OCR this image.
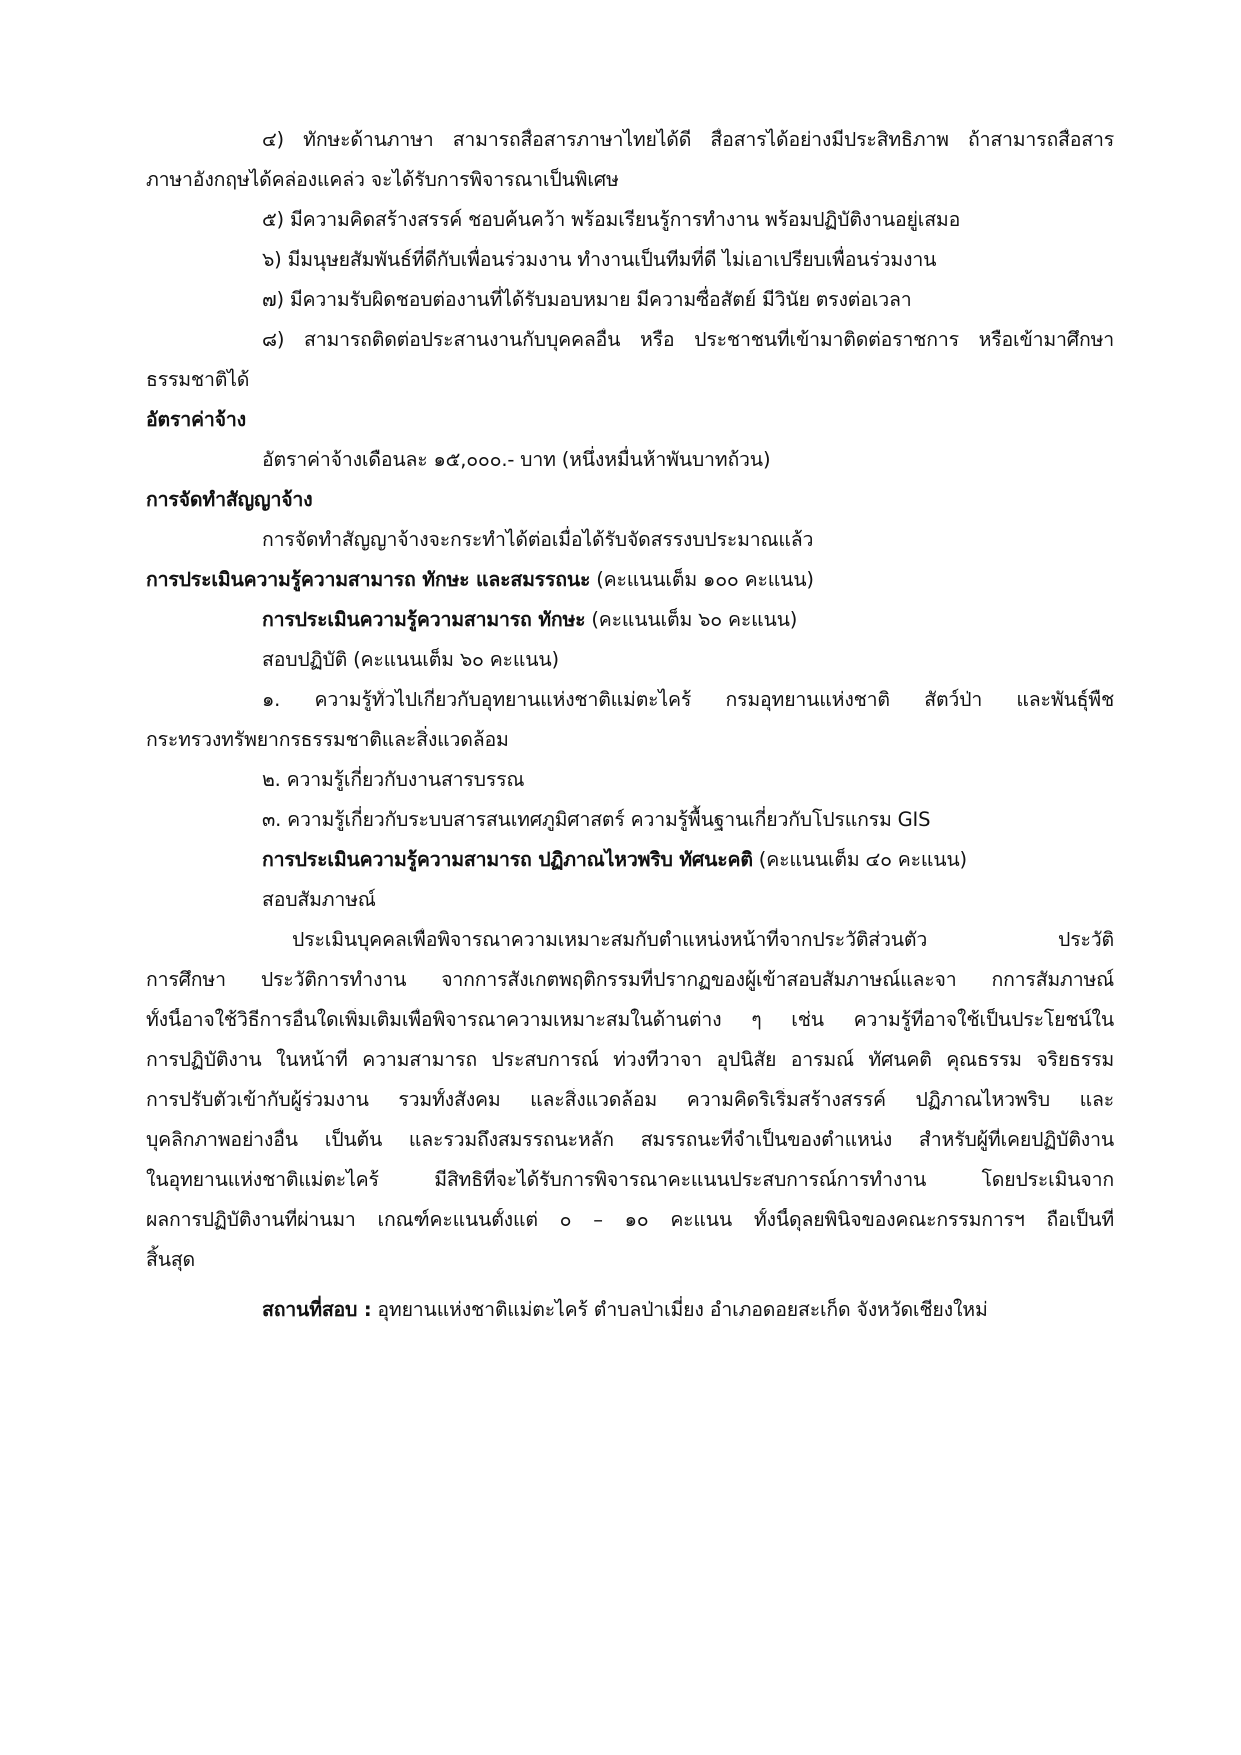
๔) ทักษะด้านภาษา สามารถสื่อสารภาษาไทยได้ดี สื่อสารได้อย่างมีประสิทธิภาพ ถ้าสามารถสื่อสาร
ภาษาอังกฤษได้คล่องแคล่ว จะได้รับการพิจารณาเป็นพิเศษ
๕) มีความคิดสร้างสรรค์ ชอบค้นคว้า พร้อมเรียนรู้การทำงาน พร้อมปฏิบัติงานอยู่เสมอ
๖) มีมนุษยสัมพันธ์ที่ดีกับเพื่อนร่วมงาน ทำงานเป็นทีมที่ดี ไม่เอาเปรียบเพื่อนร่วมงาน
๗) มีความรับผิดชอบต่องานที่ได้รับมอบหมาย มีความซื่อสัตย์ มีวินัย ตรงต่อเวลา
๘) สามารถติดต่อประสานงานกับบุคคลอื่น หรือ ประชาชนที่เข้ามาติดต่อราชการ หรือเข้ามาศึกษา
ธรรมชาติได้
อัตราค่าจ้าง
อัตราค่าจ้างเดือนละ ๑๕,๐๐๐.- บาท (หนึ่งหมื่นห้าพันบาทถ้วน)
การจัดทำสัญญาจ้าง
การจัดทำสัญญาจ้างจะกระทำได้ต่อเมื่อได้รับจัดสรรงบประมาณแล้ว
การประเมินความรู้ความสามารถ ทักษะ และสมรรถนะ (คะแนนเต็ม ๑๐๐ คะแนน)
การประเมินความรู้ความสามารถ ทักษะ (คะแนนเต็ม ๖๐ คะแนน)
สอบปฏิบัติ (คะแนนเต็ม ๖๐ คะแนน)
๑. ความรู้ทั่วไปเกี่ยวกับอุทยานแห่งชาติแม่ตะไคร้ กรมอุทยานแห่งชาติ สัตว์ป่า และพันธุ์พืช
กระทรวงทรัพยากรธรรมชาติและสิ่งแวดล้อม
๒. ความรู้เกี่ยวกับงานสารบรรณ
๓. ความรู้เกี่ยวกับระบบสารสนเทศภูมิศาสตร์ ความรู้พื้นฐานเกี่ยวกับโปรแกรม GIS
การประเมินความรู้ความสามารถ ปฏิภาณไหวพริบ ทัศนะคติ (คะแนนเต็ม ๔๐ คะแนน)
สอบสัมภาษณ์
ประเมินบุคคลเพื่อพิจารณาความเหมาะสมกับตำแหน่งหน้าที่จากประวัติส่วนตัว ประวัติ
การศึกษา ประวัติการทำงาน จากการสังเกตพฤติกรรมที่ปรากฏของผู้เข้าสอบสัมภาษณ์และจา กการสัมภาษณ์
ทั้งนี้อาจใช้วิธีการอื่นใดเพิ่มเติมเพื่อพิจารณาความเหมาะสมในด้านต่าง ๆ เช่น ความรู้ที่อาจใช้เป็นประโยชน์ใน
การปฏิบัติงาน ในหน้าที่ ความสามารถ ประสบการณ์ ท่วงทีวาจา อุปนิสัย อารมณ์ ทัศนคติ คุณธรรม จริยธรรม
การปรับตัวเข้ากับผู้ร่วมงาน รวมทั้งสังคม และสิ่งแวดล้อม ความคิดริเริ่มสร้างสรรค์ ปฏิภาณไหวพริบ และ
บุคลิกภาพอย่างอื่น เป็นต้น และรวมถึงสมรรถนะหลัก สมรรถนะที่จำเป็นของตำแหน่ง สำหรับผู้ที่เคยปฏิบัติงาน
ในอุทยานแห่งชาติแม่ตะไคร้ มีสิทธิที่จะได้รับการพิจารณาคะแนนประสบการณ์การทำงาน โดยประเมินจาก
ผลการปฏิบัติงานที่ผ่านมา เกณฑ์คะแนนตั้งแต่ ๐ – ๑๐ คะแนน ทั้งนี้ดุลยพินิจของคณะกรรมการฯ ถือเป็นที่
สิ้นสุด
สถานที่สอบ : อุทยานแห่งชาติแม่ตะไคร้ ตำบลป่าเมี่ยง อำเภอดอยสะเก็ด จังหวัดเชียงใหม่
